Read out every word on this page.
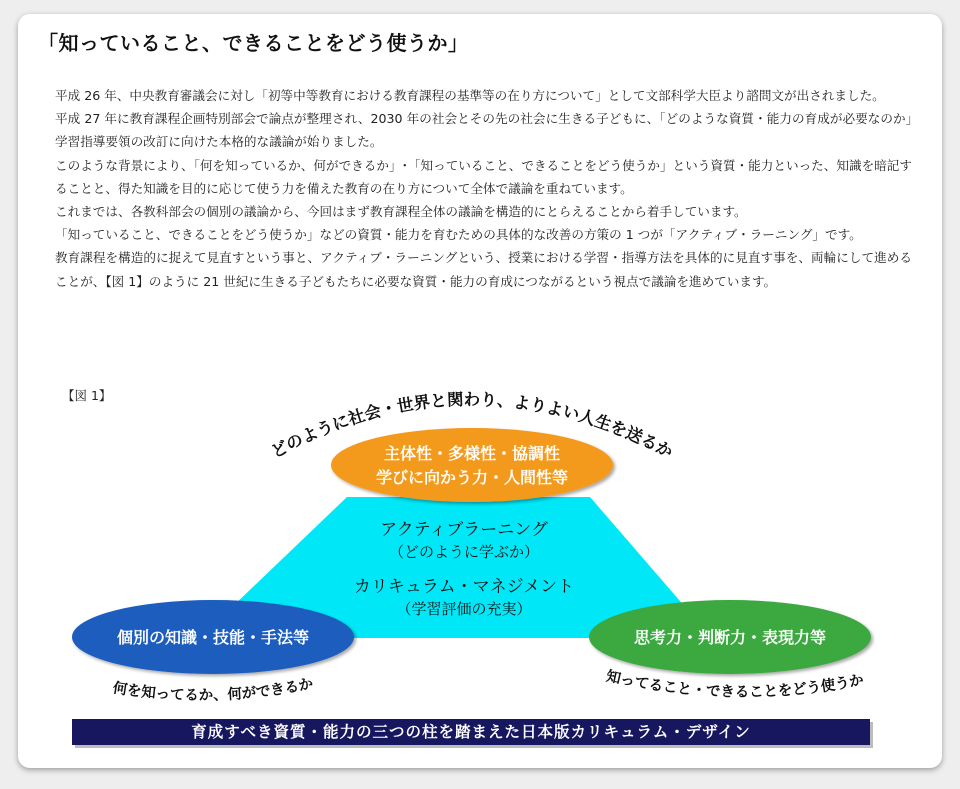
「知っていること、できることをどう使うか」

平成 26 年、中央教育審議会に対し「初等中等教育における教育課程の基準等の在り方について」として文部科学大臣より諮問文が出されました。

平成 27 年に教育課程企画特別部会で論点が整理され、2030 年の社会とその先の社会に生きる子どもに、「どのような資質・能力の育成が必要なのか」学習指導要領の改訂に向けた本格的な議論が始りました。

このような背景により、「何を知っているか、何ができるか」･「知っていること、できることをどう使うか」という資質・能力といった、知識を暗記することと、得た知識を目的に応じて使う力を備えた教育の在り方について全体で議論を重ねています。

これまでは、各教科部会の個別の議論から、今回はまず教育課程全体の議論を構造的にとらえることから着手しています。

「知っていること、できることをどう使うか」などの資質・能力を育むための具体的な改善の方策の 1 つが「アクティブ・ラーニング」です。

教育課程を構造的に捉えて見直すという事と、アクティブ・ラーニングという、授業における学習・指導方法を具体的に見直す事を、両輪にして進めることが、【図 1】のように 21 世紀に生きる子どもたちに必要な資質・能力の育成につながるという視点で議論を進めています。

【図 1】
アクティブラーニング
（どのように学ぶか）
カリキュラム・マネジメント
（学習評価の充実）
主体性・多様性・協調性
学びに向かう力・人間性等
個別の知識・技能・手法等	思考力・判断力・表現力等
どのように社会・世界と関わり、よりよい人生を送るか
何を知ってるか、何ができるか	知ってること・できることをどう使うか
育成すべき資質・能力の三つの柱を踏まえた日本版カリキュラム・デザイン
